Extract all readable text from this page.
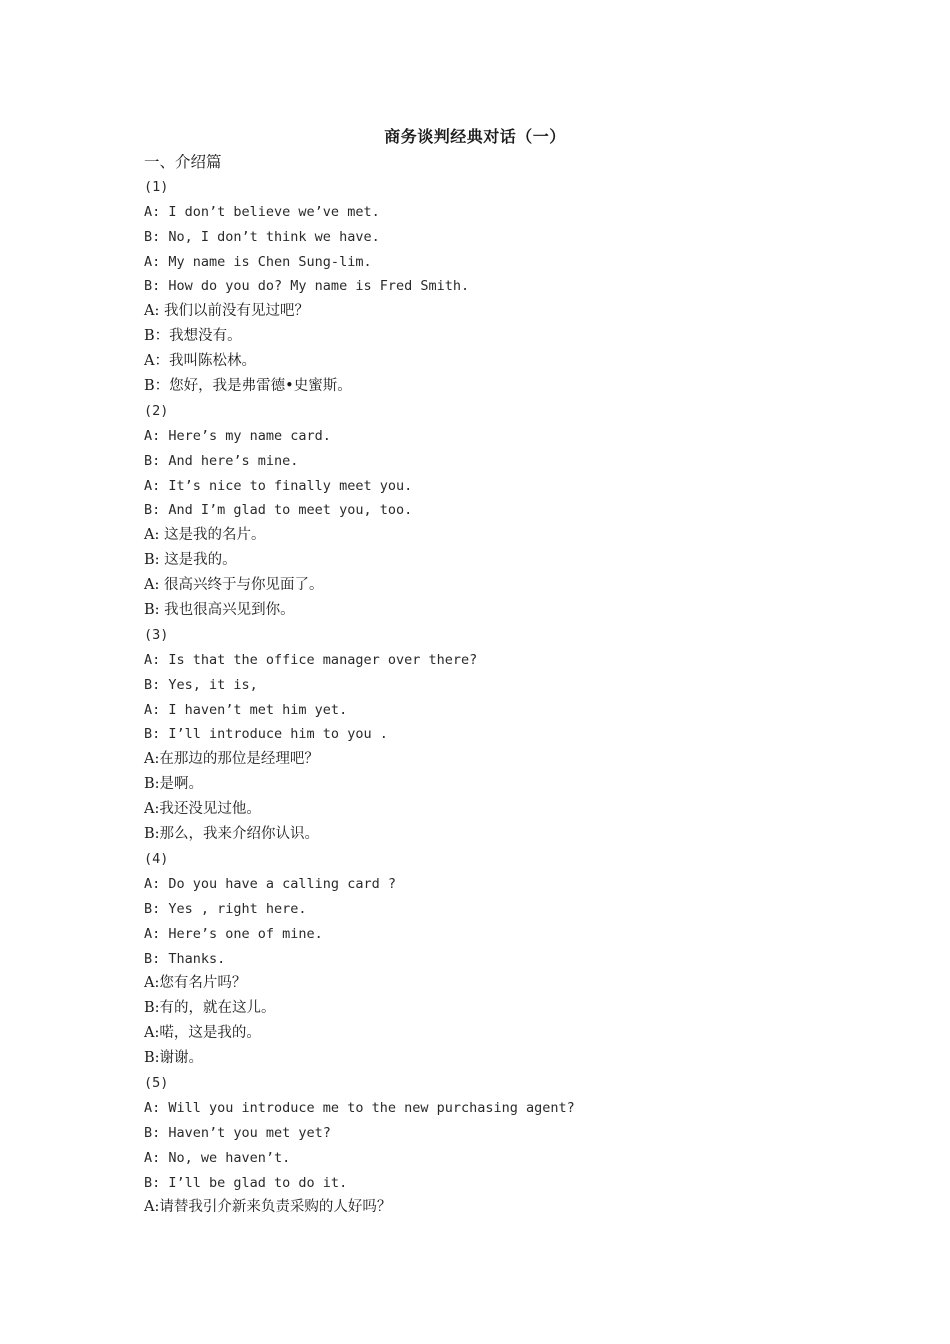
商务谈判经典对话（一）
一、介绍篇
(1)
A: I don’t believe we’ve met.
B: No, I don’t think we have.
A: My name is Chen Sung-lim.
B: How do you do? My name is Fred Smith.
A: 我们以前没有见过吧？
B：我想没有。
A：我叫陈松林。
B：您好，我是弗雷德•史蜜斯。
(2)
A: Here’s my name card.
B: And here’s mine.
A: It’s nice to finally meet you.
B: And I’m glad to meet you, too.
A: 这是我的名片。
B: 这是我的。
A: 很高兴终于与你见面了。
B: 我也很高兴见到你。
(3)
A: Is that the office manager over there?
B: Yes, it is,
A: I haven’t met him yet.
B: I’ll introduce him to you .
A:在那边的那位是经理吧？
B:是啊。
A:我还没见过他。
B:那么，我来介绍你认识。
(4)
A: Do you have a calling card ?
B: Yes , right here.
A: Here’s one of mine.
B: Thanks.
A:您有名片吗？
B:有的，就在这儿。
A:喏，这是我的。
B:谢谢。
(5)
A: Will you introduce me to the new purchasing agent?
B: Haven’t you met yet?
A: No, we haven’t.
B: I’ll be glad to do it.
A:请替我引介新来负责采购的人好吗？
